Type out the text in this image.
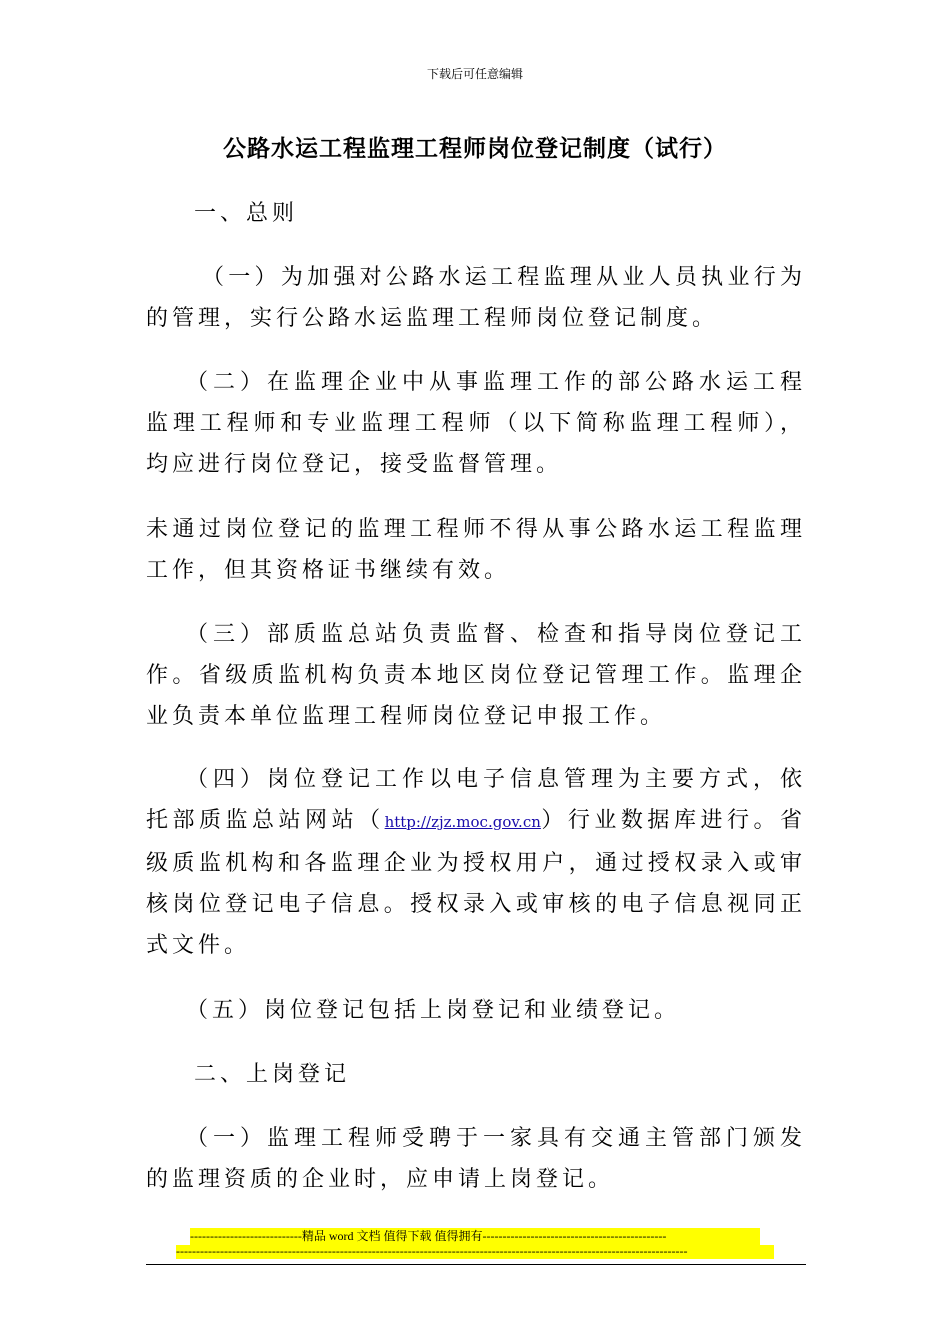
下载后可任意编辑
公路水运工程监理工程师岗位登记制度（试行）
一、总则
（一）为加强对公路水运工程监理从业人员执业行为的管理，实行公路水运监理工程师岗位登记制度。
（二）在监理企业中从事监理工作的部公路水运工程监理工程师和专业监理工程师（以下简称监理工程师），均应进行岗位登记，接受监督管理。
未通过岗位登记的监理工程师不得从事公路水运工程监理工作，但其资格证书继续有效。
（三）部质监总站负责监督、检查和指导岗位登记工作。省级质监机构负责本地区岗位登记管理工作。监理企业负责本单位监理工程师岗位登记申报工作。
（四）岗位登记工作以电子信息管理为主要方式，依托部质监总站网站（http://zjz.moc.gov.cn）行业数据库进行。省级质监机构和各监理企业为授权用户，通过授权录入或审核岗位登记电子信息。授权录入或审核的电子信息视同正式文件。
（五）岗位登记包括上岗登记和业绩登记。
二、上岗登记
（一）监理工程师受聘于一家具有交通主管部门颁发的监理资质的企业时，应申请上岗登记。
----------------------------精品 word 文档 值得下载 值得拥有----------------------------------------------
--------------------------------------------------------------------------------------------------------------------------------
